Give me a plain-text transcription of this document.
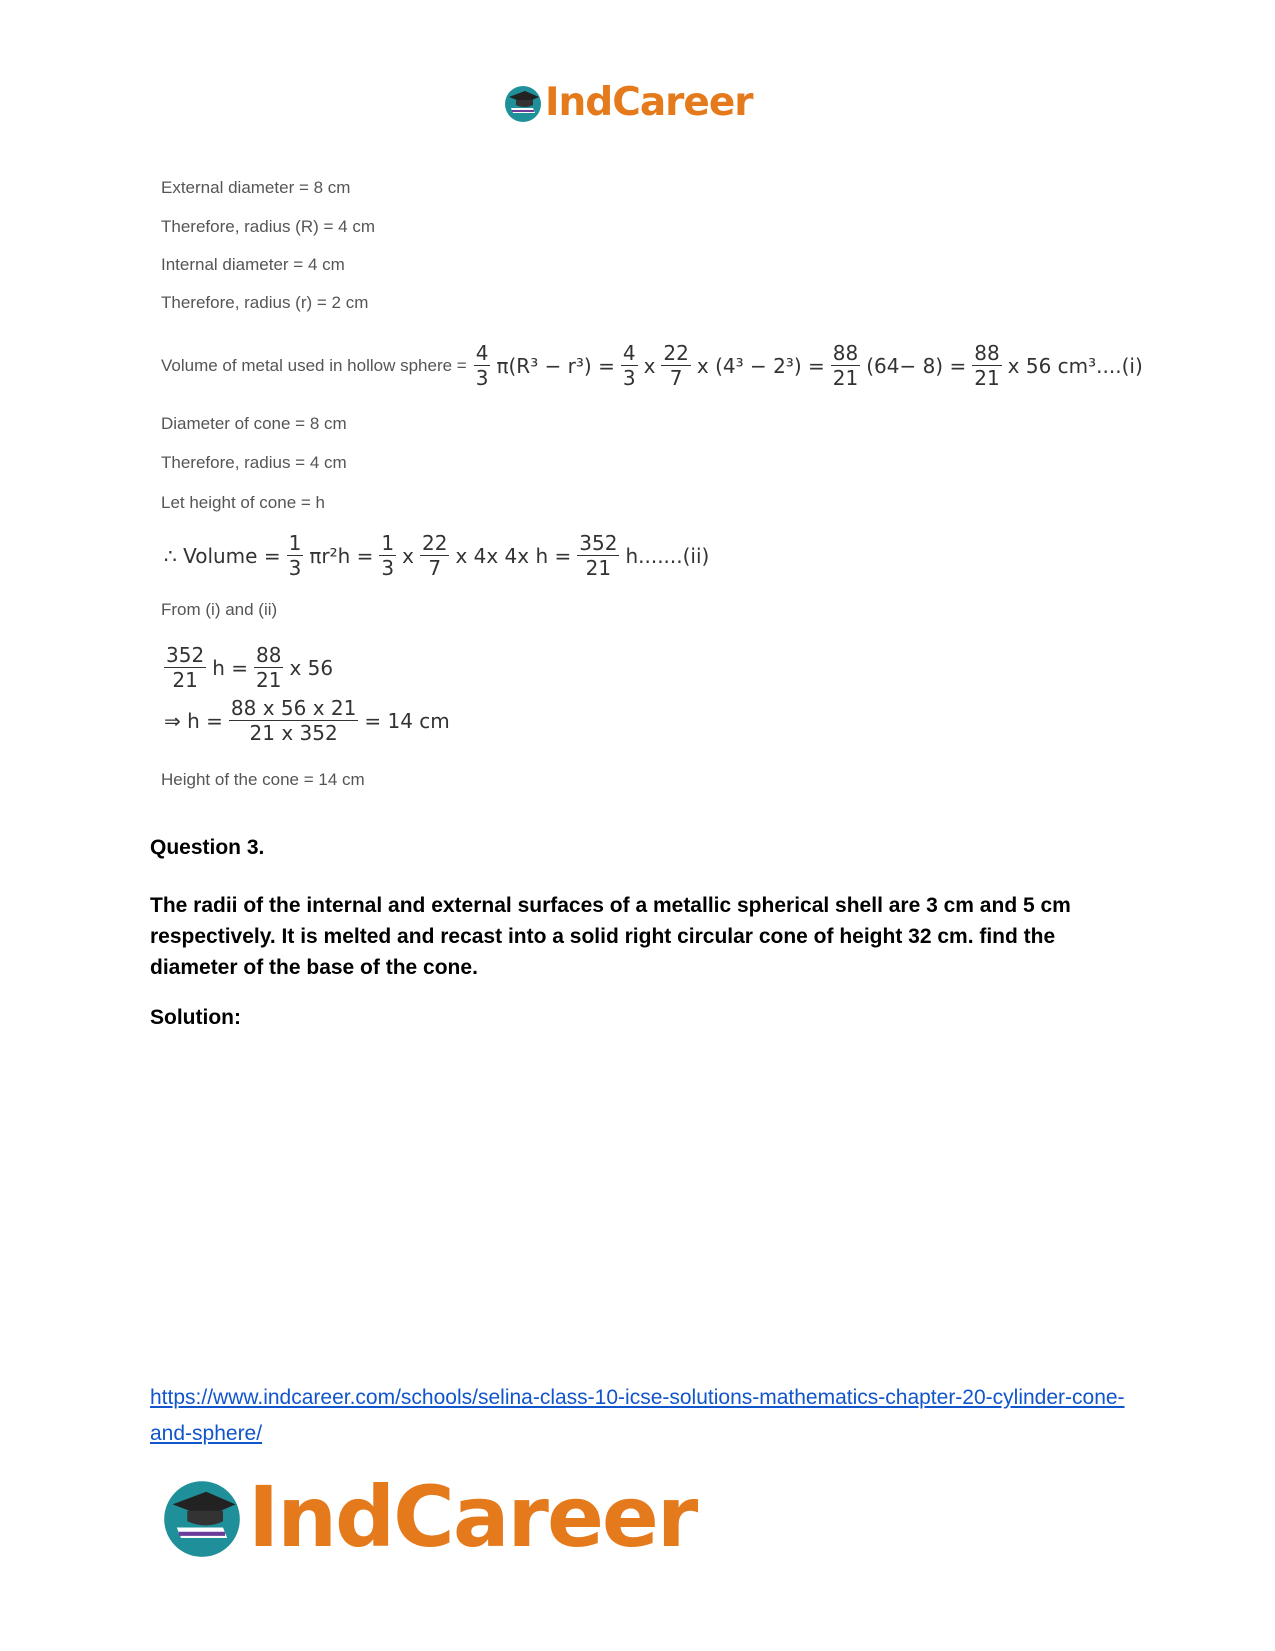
IndCareer
External diameter = 8 cm
Therefore, radius (R) = 4 cm
Internal diameter = 4 cm
Therefore, radius (r) = 2 cm
Volume of metal used in hollow sphere = $\frac{4}{3} \pi(R^3 - r^3) = \frac{4}{3}$ x $\frac{22}{7}$ x $(4^3 - 2^3) = \frac{88}{21} (64- 8) = \frac{88}{21}$ x 56 cm³....(i)
Diameter of cone = 8 cm
Therefore, radius = 4 cm
Let height of cone = h
∴ Volume = $\frac{1}{3} \pi r^2h = \frac{1}{3}$ x $\frac{22}{7}$ x 4x 4x $h = \frac{352}{21} h.......(ii)$
From (i) and (ii)
$\frac{352}{21}$ $h = \frac{88}{21}$ x 56
⇒ $h = \frac{88 x 56 x 21}{21 x 352} = 14$ cm
Height of the cone = 14 cm
Question 3.
The radii of the internal and external surfaces of a metallic spherical shell are 3 cm and 5 cm respectively. It is melted and recast into a solid right circular cone of height 32 cm. find the diameter of the base of the cone.
Solution:
https://www.indcareer.com/schools/selina-class-10-icse-solutions-mathematics-chapter-20-cylinder-cone-and-sphere/
IndCareer
